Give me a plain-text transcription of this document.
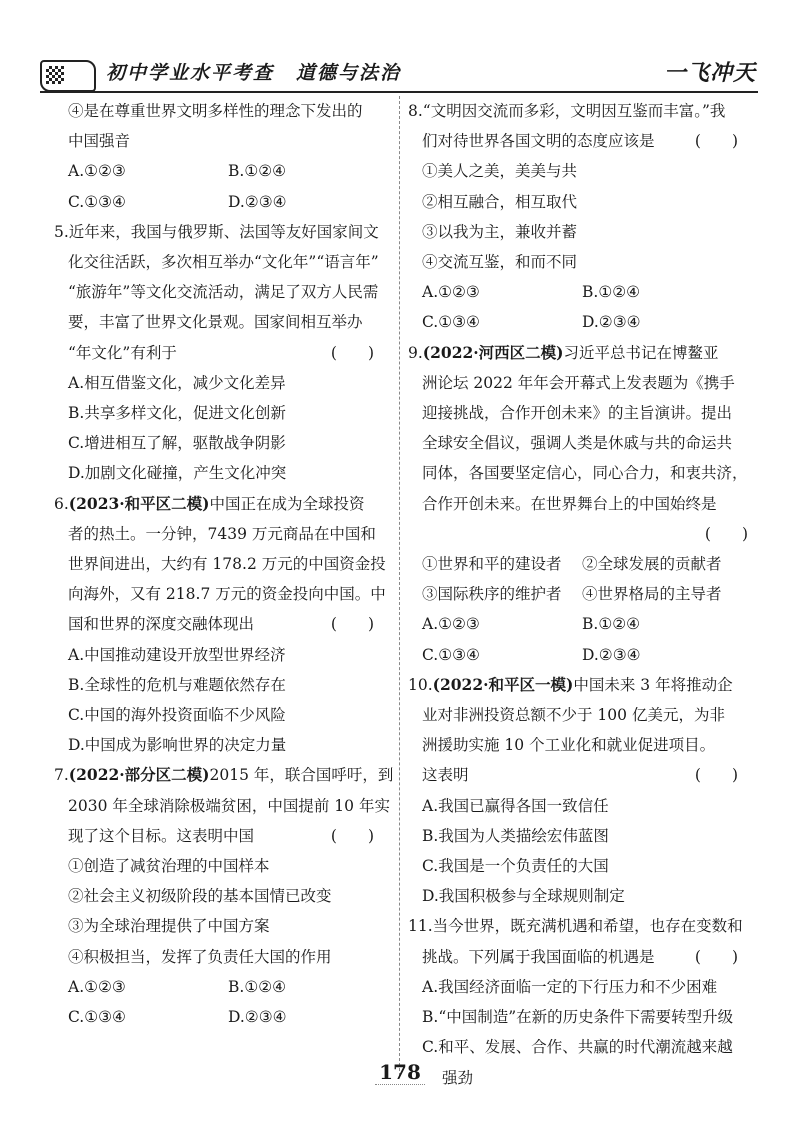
初中学业水平考查 道德与法治	一飞冲天
④是在尊重世界文明多样性的理念下发出的
中国强音
A.①②③	B.①②④
C.①③④	D.②③④
5.近年来，我国与俄罗斯、法国等友好国家间文
化交往活跃，多次相互举办“文化年”“语言年”
“旅游年”等文化交流活动，满足了双方人民需
要，丰富了世界文化景观。国家间相互举办
“年文化”有利于	(　　)
A.相互借鉴文化，减少文化差异
B.共享多样文化，促进文化创新
C.增进相互了解，驱散战争阴影
D.加剧文化碰撞，产生文化冲突
6.(2023·和平区二模)中国正在成为全球投资
者的热土。一分钟，7439 万元商品在中国和
世界间进出，大约有 178.2 万元的中国资金投
向海外，又有 218.7 万元的资金投向中国。中
国和世界的深度交融体现出	(　　)
A.中国推动建设开放型世界经济
B.全球性的危机与难题依然存在
C.中国的海外投资面临不少风险
D.中国成为影响世界的决定力量
7.(2022·部分区二模)2015 年，联合国呼吁，到
2030 年全球消除极端贫困，中国提前 10 年实
现了这个目标。这表明中国	(　　)
①创造了减贫治理的中国样本
②社会主义初级阶段的基本国情已改变
③为全球治理提供了中国方案
④积极担当，发挥了负责任大国的作用
A.①②③	B.①②④
C.①③④	D.②③④
8.“文明因交流而多彩，文明因互鉴而丰富。”我
们对待世界各国文明的态度应该是	(　　)
①美人之美，美美与共
②相互融合，相互取代
③以我为主，兼收并蓄
④交流互鉴，和而不同
A.①②③	B.①②④
C.①③④	D.②③④
9.(2022·河西区二模)习近平总书记在博鳌亚
洲论坛 2022 年年会开幕式上发表题为《携手
迎接挑战，合作开创未来》的主旨演讲。提出
全球安全倡议，强调人类是休戚与共的命运共
同体，各国要坚定信心，同心合力，和衷共济，
合作开创未来。在世界舞台上的中国始终是
(　　)
①世界和平的建设者	②全球发展的贡献者
③国际秩序的维护者	④世界格局的主导者
A.①②③	B.①②④
C.①③④	D.②③④
10.(2022·和平区一模)中国未来 3 年将推动企
业对非洲投资总额不少于 100 亿美元，为非
洲援助实施 10 个工业化和就业促进项目。
这表明	(　　)
A.我国已赢得各国一致信任
B.我国为人类描绘宏伟蓝图
C.我国是一个负责任的大国
D.我国积极参与全球规则制定
11.当今世界，既充满机遇和希望，也存在变数和
挑战。下列属于我国面临的机遇是	(　　)
A.我国经济面临一定的下行压力和不少困难
B.“中国制造”在新的历史条件下需要转型升级
C.和平、发展、合作、共赢的时代潮流越来越
强劲
178
